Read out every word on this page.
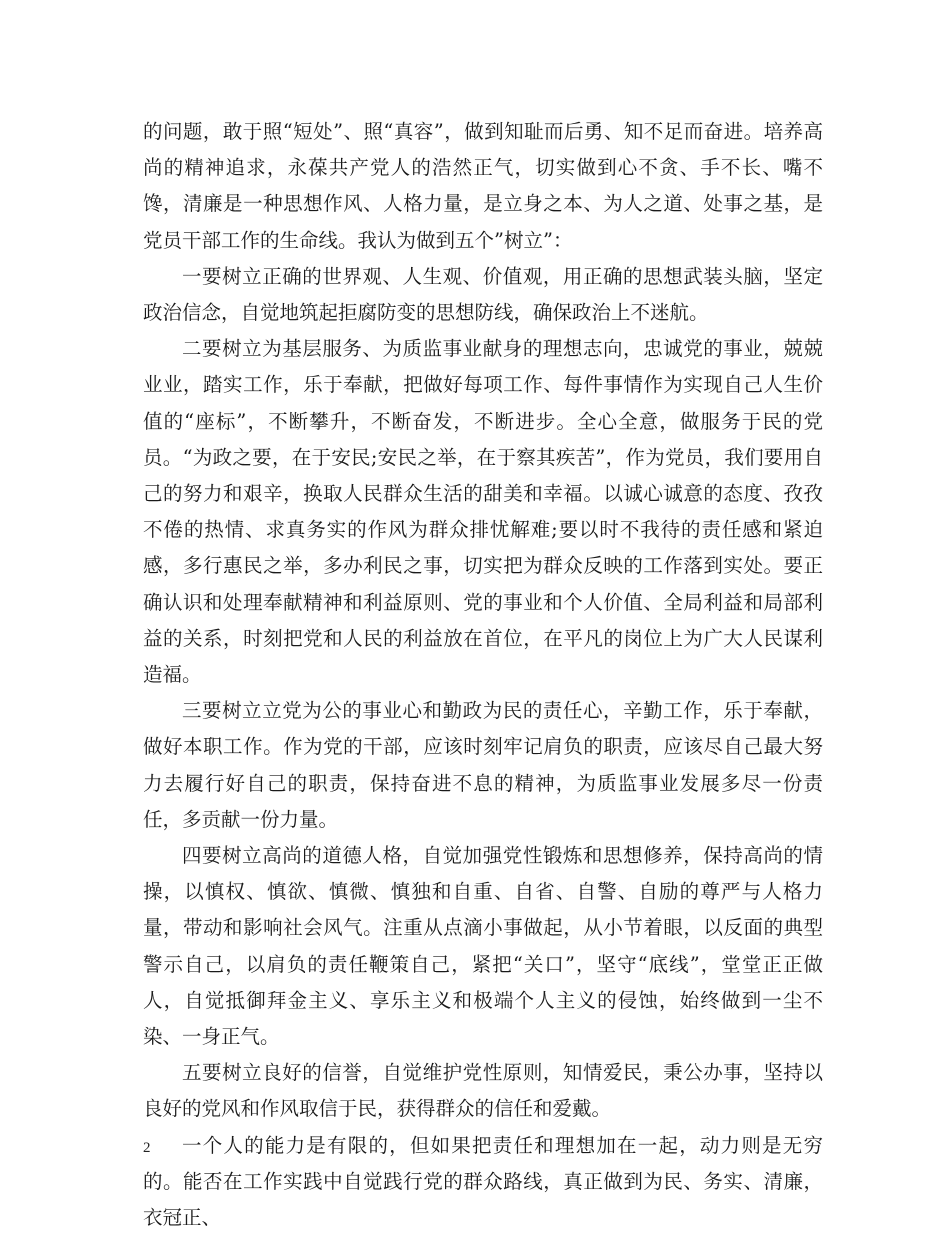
的问题，敢于照“短处”、照“真容”，做到知耻而后勇、知不足而奋进。培养高尚的精神追求，永葆共产党人的浩然正气，切实做到心不贪、手不长、嘴不馋，清廉是一种思想作风、人格力量，是立身之本、为人之道、处事之基，是党员干部工作的生命线。我认为做到五个”树立”：

一要树立正确的世界观、人生观、价值观，用正确的思想武装头脑，坚定政治信念，自觉地筑起拒腐防变的思想防线，确保政治上不迷航。

二要树立为基层服务、为质监事业献身的理想志向，忠诚党的事业，兢兢业业，踏实工作，乐于奉献，把做好每项工作、每件事情作为实现自己人生价值的“座标”，不断攀升，不断奋发，不断进步。全心全意，做服务于民的党员。“为政之要，在于安民;安民之举，在于察其疾苦”，作为党员，我们要用自己的努力和艰辛，换取人民群众生活的甜美和幸福。以诚心诚意的态度、孜孜不倦的热情、求真务实的作风为群众排忧解难;要以时不我待的责任感和紧迫感，多行惠民之举，多办利民之事，切实把为群众反映的工作落到实处。要正确认识和处理奉献精神和利益原则、党的事业和个人价值、全局利益和局部利益的关系，时刻把党和人民的利益放在首位，在平凡的岗位上为广大人民谋利造福。

三要树立立党为公的事业心和勤政为民的责任心，辛勤工作，乐于奉献，做好本职工作。作为党的干部，应该时刻牢记肩负的职责，应该尽自己最大努力去履行好自己的职责，保持奋进不息的精神，为质监事业发展多尽一份责任，多贡献一份力量。

四要树立高尚的道德人格，自觉加强党性锻炼和思想修养，保持高尚的情操，以慎权、慎欲、慎微、慎独和自重、自省、自警、自励的尊严与人格力量，带动和影响社会风气。注重从点滴小事做起，从小节着眼，以反面的典型警示自己，以肩负的责任鞭策自己，紧把“关口”，坚守“底线”，堂堂正正做人，自觉抵御拜金主义、享乐主义和极端个人主义的侵蚀，始终做到一尘不染、一身正气。

五要树立良好的信誉，自觉维护党性原则，知情爱民，秉公办事，坚持以良好的党风和作风取信于民，获得群众的信任和爱戴。

一个人的能力是有限的，但如果把责任和理想加在一起，动力则是无穷的。能否在工作实践中自觉践行党的群众路线，真正做到为民、务实、清廉，衣冠正、

2
